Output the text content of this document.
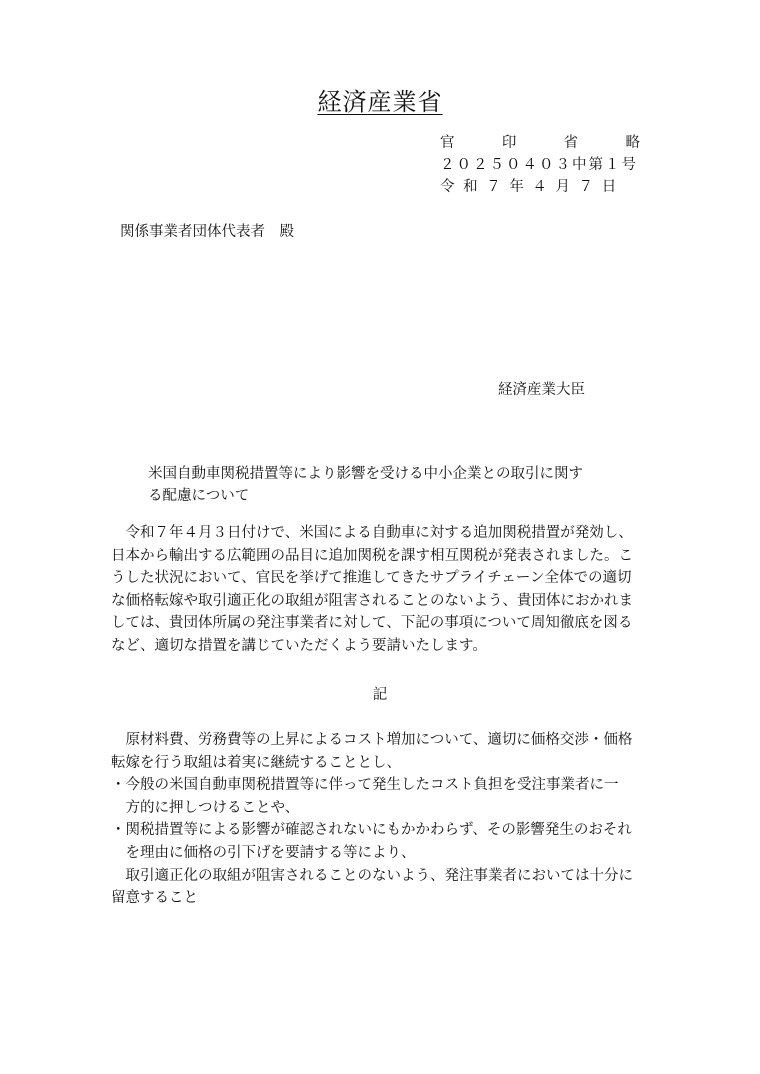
経済産業省
官	印	省	略
２０２５０４０３中第１号
令 和 ７ 年 ４ 月 ７ 日
関係事業者団体代表者　殿
経済産業大臣
米国自動車関税措置等により影響を受ける中小企業との取引に関す
る配慮について
　令和７年４月３日付けで、米国による自動車に対する追加関税措置が発効し、
日本から輸出する広範囲の品目に追加関税を課す相互関税が発表されました。こ
うした状況において、官民を挙げて推進してきたサプライチェーン全体での適切
な価格転嫁や取引適正化の取組が阻害されることのないよう、貴団体におかれま
しては、貴団体所属の発注事業者に対して、下記の事項について周知徹底を図る
など、適切な措置を講じていただくよう要請いたします。
記
　原材料費、労務費等の上昇によるコスト増加について、適切に価格交渉・価格
転嫁を行う取組は着実に継続することとし、
・今般の米国自動車関税措置等に伴って発生したコスト負担を受注事業者に一
　方的に押しつけることや、
・関税措置等による影響が確認されないにもかかわらず、その影響発生のおそれ
　を理由に価格の引下げを要請する等により、
　取引適正化の取組が阻害されることのないよう、発注事業者においては十分に
留意すること
